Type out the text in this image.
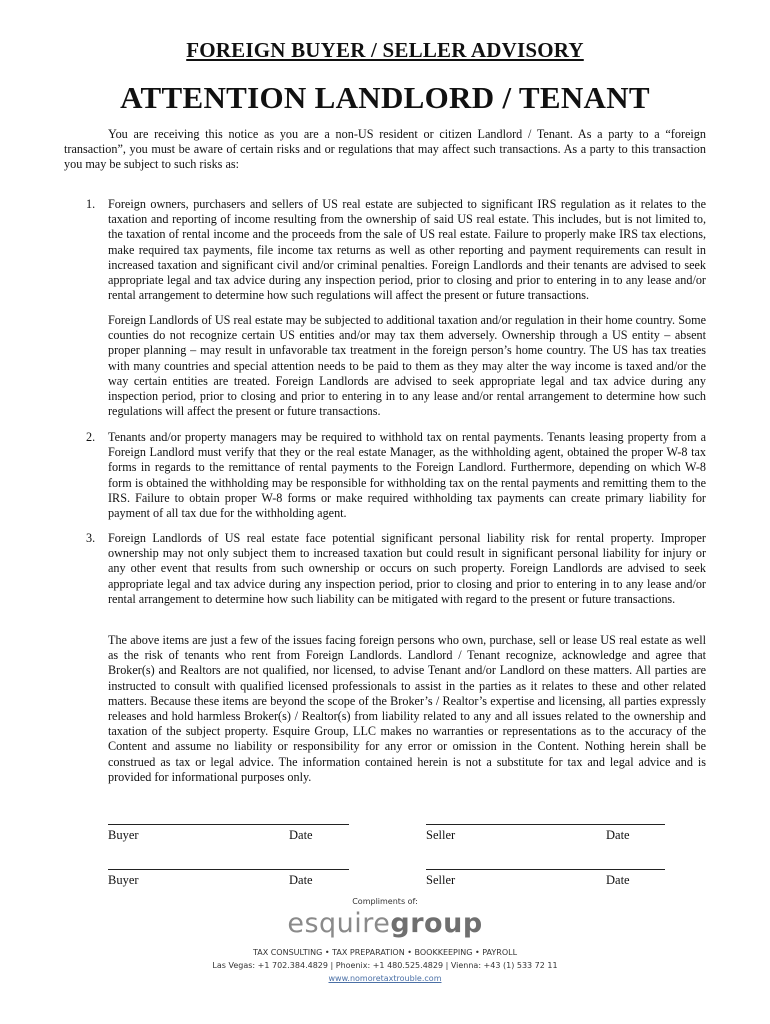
FOREIGN BUYER / SELLER ADVISORY
ATTENTION LANDLORD / TENANT

You are receiving this notice as you are a non-US resident or citizen Landlord / Tenant. As a party to a “foreign transaction”, you must be aware of certain risks and or regulations that may affect such transactions. As a party to this transaction you may be subject to such risks as:

1. Foreign owners, purchasers and sellers of US real estate are subjected to significant IRS regulation as it relates to the taxation and reporting of income resulting from the ownership of said US real estate. This includes, but is not limited to, the taxation of rental income and the proceeds from the sale of US real estate. Failure to properly make IRS tax elections, make required tax payments, file income tax returns as well as other reporting and payment requirements can result in increased taxation and significant civil and/or criminal penalties. Foreign Landlords and their tenants are advised to seek appropriate legal and tax advice during any inspection period, prior to closing and prior to entering in to any lease and/or rental arrangement to determine how such regulations will affect the present or future transactions.

Foreign Landlords of US real estate may be subjected to additional taxation and/or regulation in their home country. Some counties do not recognize certain US entities and/or may tax them adversely. Ownership through a US entity – absent proper planning – may result in unfavorable tax treatment in the foreign person’s home country. The US has tax treaties with many countries and special attention needs to be paid to them as they may alter the way income is taxed and/or the way certain entities are treated. Foreign Landlords are advised to seek appropriate legal and tax advice during any inspection period, prior to closing and prior to entering in to any lease and/or rental arrangement to determine how such regulations will affect the present or future transactions.

2. Tenants and/or property managers may be required to withhold tax on rental payments. Tenants leasing property from a Foreign Landlord must verify that they or the real estate Manager, as the withholding agent, obtained the proper W-8 tax forms in regards to the remittance of rental payments to the Foreign Landlord. Furthermore, depending on which W-8 form is obtained the withholding may be responsible for withholding tax on the rental payments and remitting them to the IRS. Failure to obtain proper W-8 forms or make required withholding tax payments can create primary liability for payment of all tax due for the withholding agent.

3. Foreign Landlords of US real estate face potential significant personal liability risk for rental property. Improper ownership may not only subject them to increased taxation but could result in significant personal liability for injury or any other event that results from such ownership or occurs on such property. Foreign Landlords are advised to seek appropriate legal and tax advice during any inspection period, prior to closing and prior to entering in to any lease and/or rental arrangement to determine how such liability can be mitigated with regard to the present or future transactions.

The above items are just a few of the issues facing foreign persons who own, purchase, sell or lease US real estate as well as the risk of tenants who rent from Foreign Landlords. Landlord / Tenant recognize, acknowledge and agree that Broker(s) and Realtors are not qualified, nor licensed, to advise Tenant and/or Landlord on these matters. All parties are instructed to consult with qualified licensed professionals to assist in the parties as it relates to these and other related matters. Because these items are beyond the scope of the Broker’s / Realtor’s expertise and licensing, all parties expressly releases and hold harmless Broker(s) / Realtor(s) from liability related to any and all issues related to the ownership and taxation of the subject property. Esquire Group, LLC makes no warranties or representations as to the accuracy of the Content and assume no liability or responsibility for any error or omission in the Content. Nothing herein shall be construed as tax or legal advice. The information contained herein is not a substitute for tax and legal advice and is provided for informational purposes only.

Buyer	Date	Seller	Date
Buyer	Date	Seller	Date
Compliments of:
esquiregroup
TAX CONSULTING • TAX PREPARATION • BOOKKEEPING • PAYROLL
Las Vegas: +1 702.384.4829 | Phoenix: +1 480.525.4829 | Vienna: +43 (1) 533 72 11
www.nomoretaxtrouble.com
